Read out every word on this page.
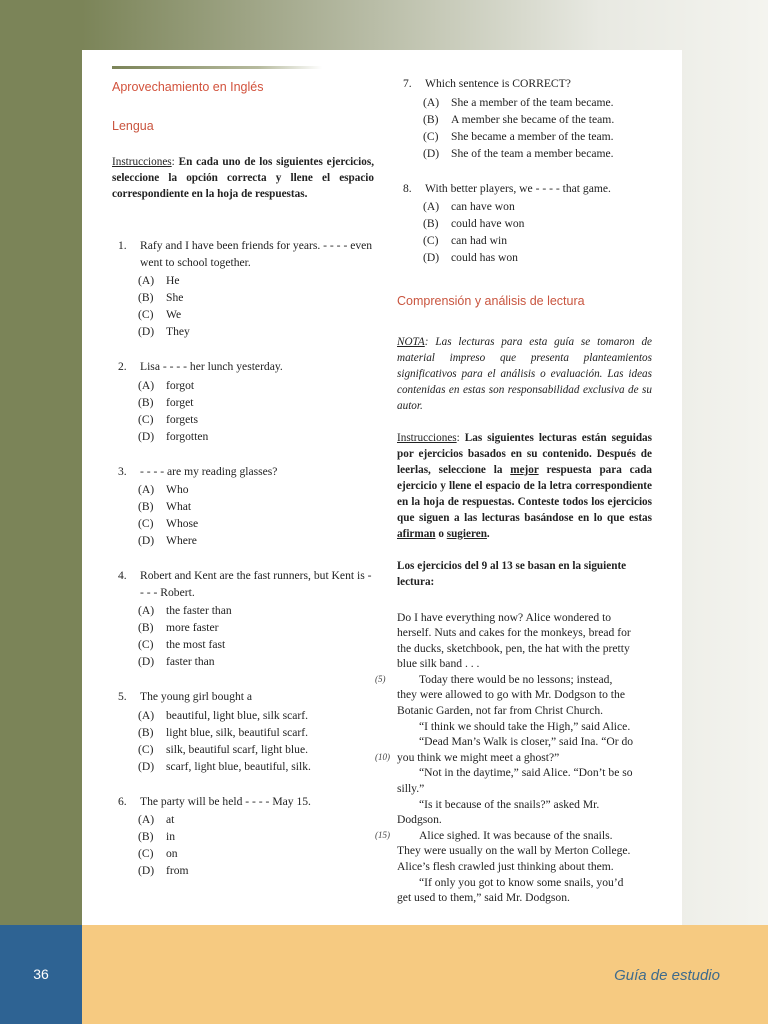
Aprovechamiento en Inglés
Lengua
Instrucciones: En cada uno de los siguientes ejercicios, seleccione la opción correcta y llene el espacio correspondiente en la hoja de respuestas.
1.	Rafy and I have been friends for years. - - - - even went to school together.
(A)	He
(B)	She
(C)	We
(D)	They
2.	Lisa - - - - her lunch yesterday.
(A)	forgot
(B)	forget
(C)	forgets
(D)	forgotten
3.	- - - - are my reading glasses?
(A)	Who
(B)	What
(C)	Whose
(D)	Where
4.	Robert and Kent are the fast runners, but Kent is - - - - Robert.
(A)	the faster than
(B)	more faster
(C)	the most fast
(D)	faster than
5.	The young girl bought a
(A)	beautiful, light blue, silk scarf.
(B)	light blue, silk, beautiful scarf.
(C)	silk, beautiful scarf, light blue.
(D)	scarf, light blue, beautiful, silk.
6.	The party will be held - - - - May 15.
(A)	at
(B)	in
(C)	on
(D)	from
7.	Which sentence is CORRECT?
(A)	She a member of the team became.
(B)	A member she became of the team.
(C)	She became a member of the team.
(D)	She of the team a member became.
8.	With better players, we - - - - that game.
(A)	can have won
(B)	could have won
(C)	can had win
(D)	could has won
Comprensión y análisis de lectura
NOTA: Las lecturas para esta guía se tomaron de material impreso que presenta planteamientos significativos para el análisis o evaluación. Las ideas contenidas en estas son responsabilidad exclusiva de su autor.
Instrucciones: Las siguientes lecturas están seguidas por ejercicios basados en su contenido. Después de leerlas, seleccione la mejor respuesta para cada ejercicio y llene el espacio de la letra correspondiente en la hoja de respuestas. Conteste todos los ejercicios que siguen a las lecturas basándose en lo que estas afirman o sugieren.
Los ejercicios del 9 al 13 se basan en la siguiente lectura:
Do I have everything now? Alice wondered to
herself. Nuts and cakes for the monkeys, bread for
the ducks, sketchbook, pen, the hat with the pretty
blue silk band . . .
(5)	Today there would be no lessons; instead,
they were allowed to go with Mr. Dodgson to the
Botanic Garden, not far from Christ Church.
“I think we should take the High,” said Alice.
“Dead Man’s Walk is closer,” said Ina. “Or do
(10) you think we might meet a ghost?”
“Not in the daytime,” said Alice. “Don’t be so
silly.”
“Is it because of the snails?” asked Mr.
Dodgson.
(15)	Alice sighed. It was because of the snails.
They were usually on the wall by Merton College.
Alice’s flesh crawled just thinking about them.
“If only you got to know some snails, you’d
get used to them,” said Mr. Dodgson.
36	Guía de estudio
